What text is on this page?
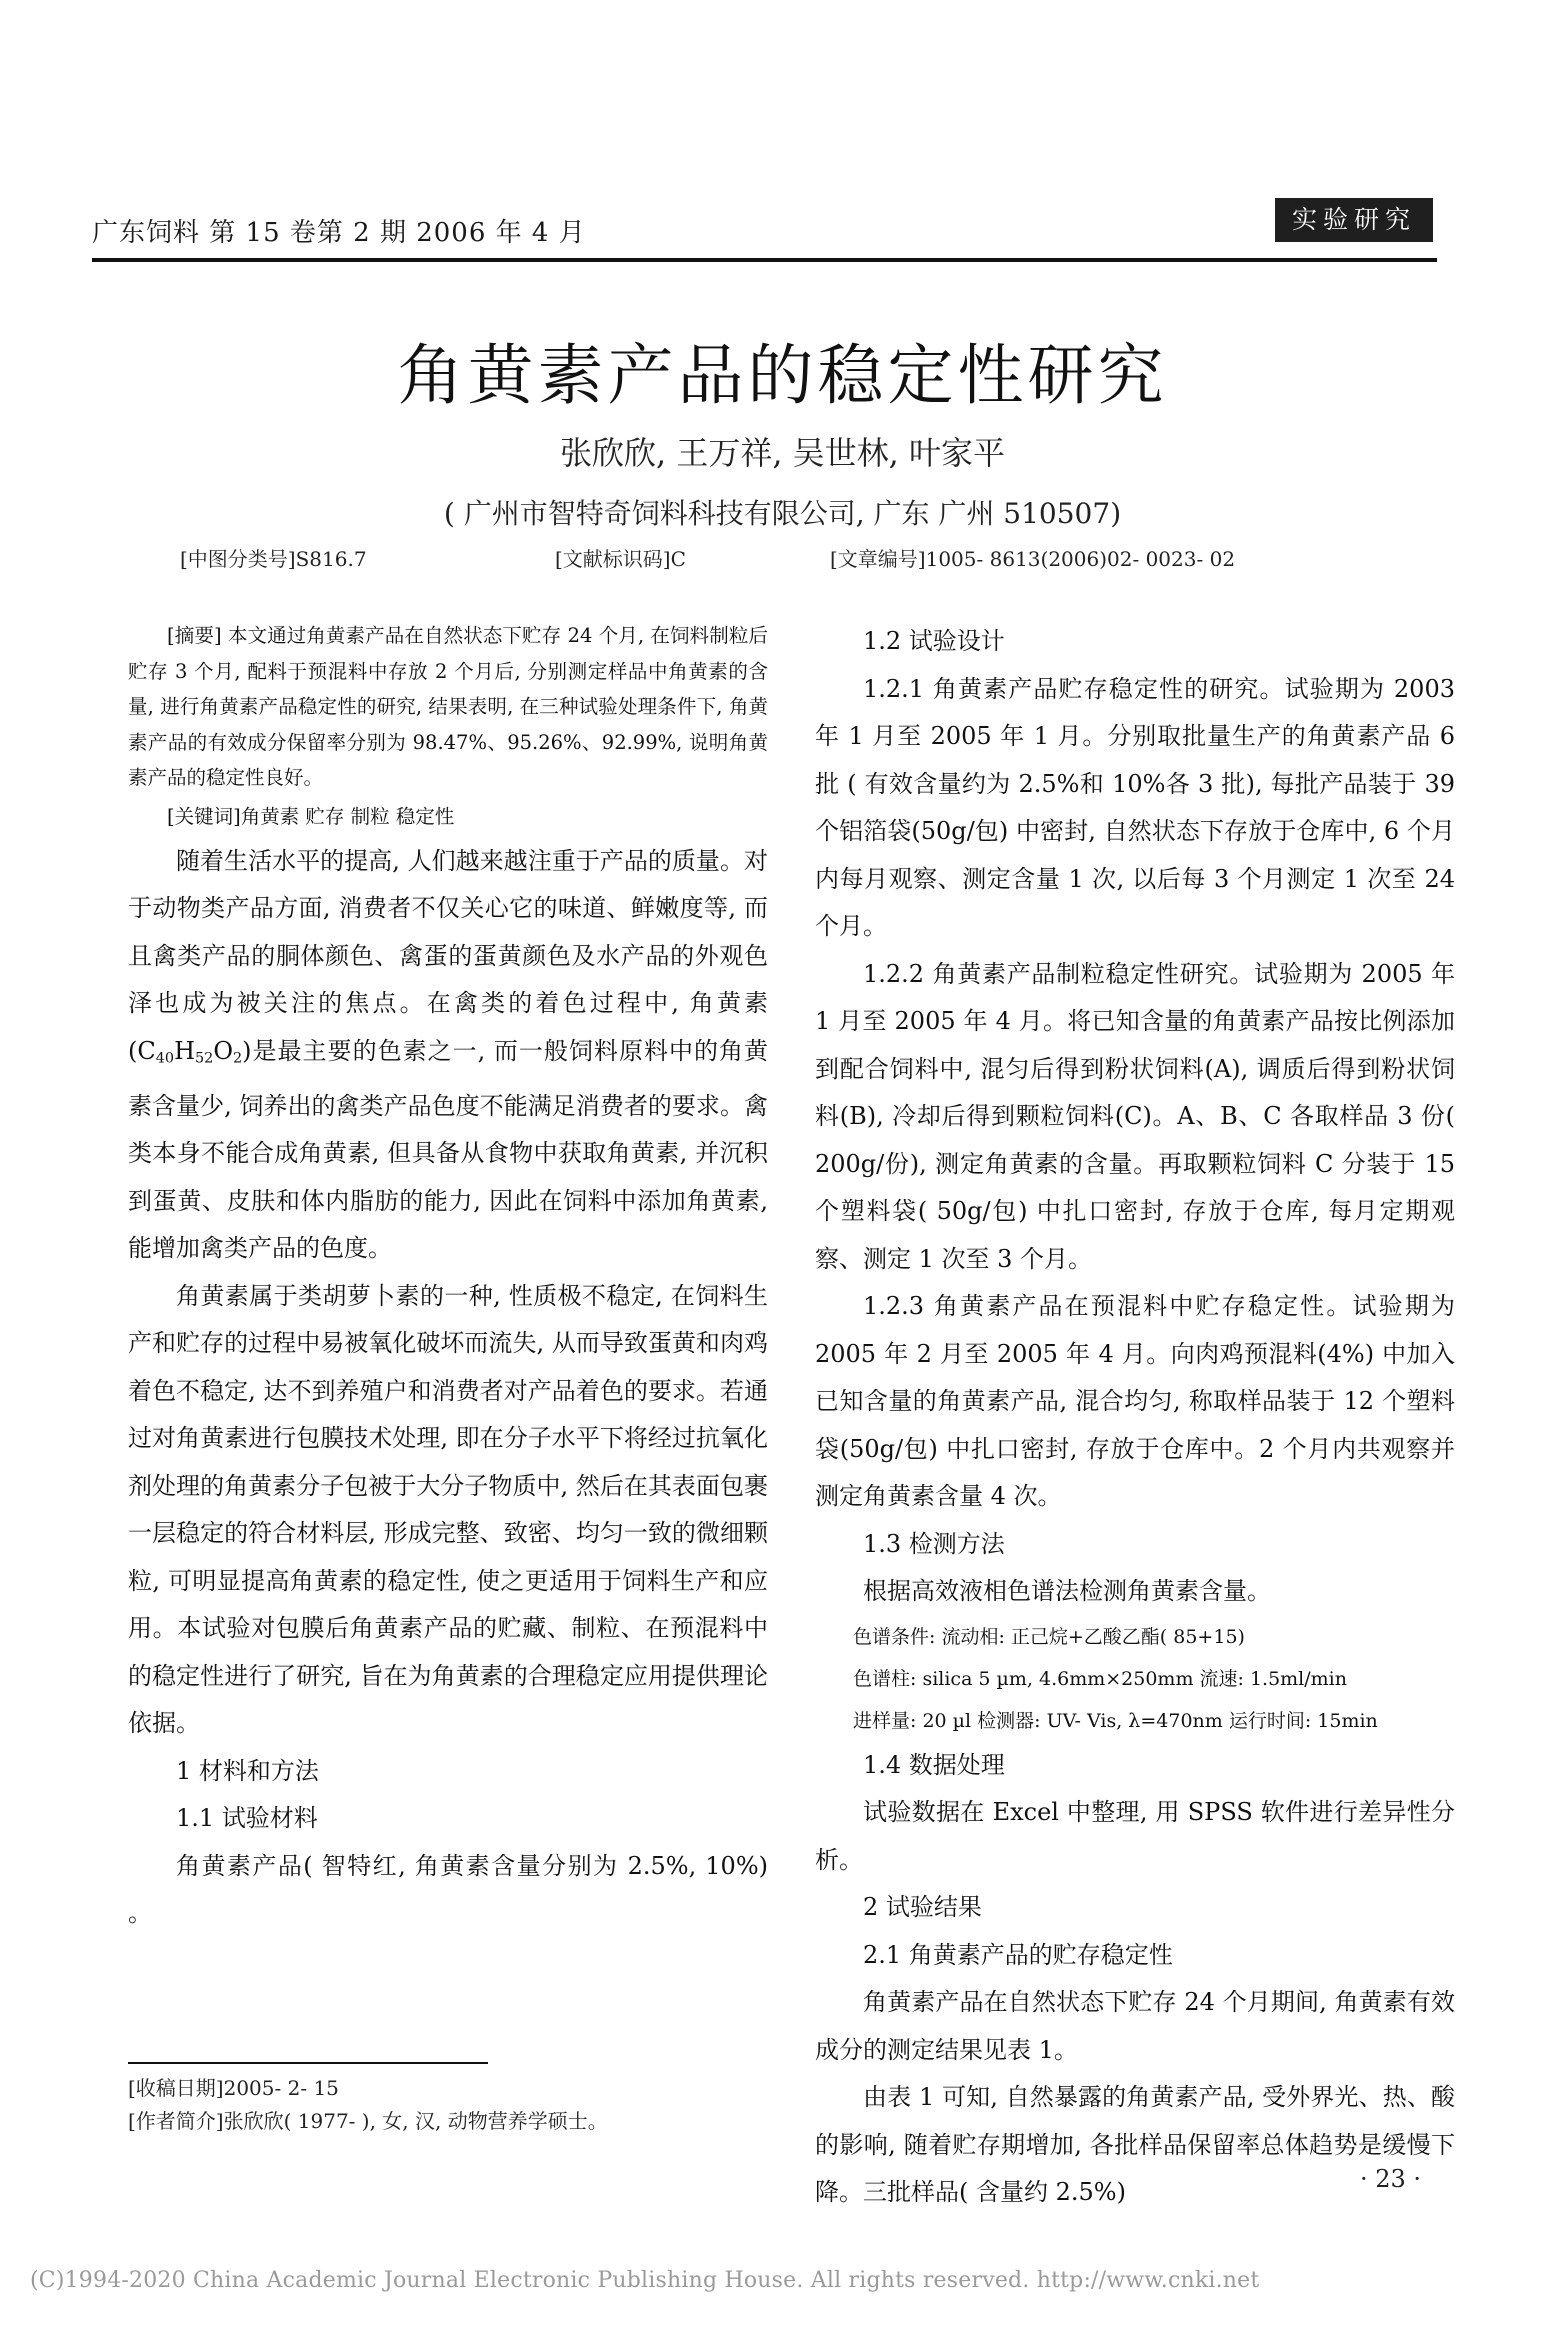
广东饲料 第 15 卷第 2 期 2006 年 4 月	实验研究
角黄素产品的稳定性研究
张欣欣, 王万祥, 吴世林, 叶家平
( 广州市智特奇饲料科技有限公司, 广东 广州 510507)
[中图分类号]S816.7	[文献标识码]C	[文章编号]1005- 8613(2006)02- 0023- 02

[摘要] 本文通过角黄素产品在自然状态下贮存 24 个月, 在饲料制粒后贮存 3 个月, 配料于预混料中存放 2 个月后, 分别测定样品中角黄素的含量, 进行角黄素产品稳定性的研究, 结果表明, 在三种试验处理条件下, 角黄素产品的有效成分保留率分别为 98.47%、95.26%、92.99%, 说明角黄素产品的稳定性良好。

[关键词]角黄素 贮存 制粒 稳定性

随着生活水平的提高, 人们越来越注重于产品的质量。对于动物类产品方面, 消费者不仅关心它的味道、鲜嫩度等, 而且禽类产品的胴体颜色、禽蛋的蛋黄颜色及水产品的外观色泽也成为被关注的焦点。在禽类的着色过程中, 角黄素$(C_{40}H_{52}O_2)$是最主要的色素之一, 而一般饲料原料中的角黄素含量少, 饲养出的禽类产品色度不能满足消费者的要求。禽类本身不能合成角黄素, 但具备从食物中获取角黄素, 并沉积到蛋黄、皮肤和体内脂肪的能力, 因此在饲料中添加角黄素, 能增加禽类产品的色度。

角黄素属于类胡萝卜素的一种, 性质极不稳定, 在饲料生产和贮存的过程中易被氧化破坏而流失, 从而导致蛋黄和肉鸡着色不稳定, 达不到养殖户和消费者对产品着色的要求。若通过对角黄素进行包膜技术处理, 即在分子水平下将经过抗氧化剂处理的角黄素分子包被于大分子物质中, 然后在其表面包裹一层稳定的符合材料层, 形成完整、致密、均匀一致的微细颗粒, 可明显提高角黄素的稳定性, 使之更适用于饲料生产和应用。本试验对包膜后角黄素产品的贮藏、制粒、在预混料中的稳定性进行了研究, 旨在为角黄素的合理稳定应用提供理论依据。

1 材料和方法

1.1 试验材料

角黄素产品( 智特红, 角黄素含量分别为 2.5%, 10%) 。

1.2 试验设计

1.2.1 角黄素产品贮存稳定性的研究。试验期为 2003 年 1 月至 2005 年 1 月。分别取批量生产的角黄素产品 6 批 ( 有效含量约为 2.5%和 10%各 3 批), 每批产品装于 39 个铝箔袋(50g/包) 中密封, 自然状态下存放于仓库中, 6 个月内每月观察、测定含量 1 次, 以后每 3 个月测定 1 次至 24 个月。

1.2.2 角黄素产品制粒稳定性研究。试验期为 2005 年 1 月至 2005 年 4 月。将已知含量的角黄素产品按比例添加到配合饲料中, 混匀后得到粉状饲料(A), 调质后得到粉状饲料(B), 冷却后得到颗粒饲料(C)。A、B、C 各取样品 3 份( 200g/份), 测定角黄素的含量。再取颗粒饲料 C 分装于 15 个塑料袋( 50g/包) 中扎口密封, 存放于仓库, 每月定期观察、测定 1 次至 3 个月。

1.2.3 角黄素产品在预混料中贮存稳定性。试验期为 2005 年 2 月至 2005 年 4 月。向肉鸡预混料(4%) 中加入已知含量的角黄素产品, 混合均匀, 称取样品装于 12 个塑料袋(50g/包) 中扎口密封, 存放于仓库中。2 个月内共观察并测定角黄素含量 4 次。

1.3 检测方法

根据高效液相色谱法检测角黄素含量。

色谱条件: 流动相: 正己烷+乙酸乙酯( 85+15)

色谱柱: silica 5 µm, 4.6mm×250mm 流速: 1.5ml/min

进样量: 20 µl 检测器: UV- Vis, λ=470nm 运行时间: 15min

1.4 数据处理

试验数据在 Excel 中整理, 用 SPSS 软件进行差异性分析。

2 试验结果

2.1 角黄素产品的贮存稳定性

角黄素产品在自然状态下贮存 24 个月期间, 角黄素有效成分的测定结果见表 1。

由表 1 可知, 自然暴露的角黄素产品, 受外界光、热、酸的影响, 随着贮存期增加, 各批样品保留率总体趋势是缓慢下降。三批样品( 含量约 2.5%)

[收稿日期]2005- 2- 15
[作者简介]张欣欣( 1977- ), 女, 汉, 动物营养学硕士。
· 23 ·
(C)1994-2020 China Academic Journal Electronic Publishing House. All rights reserved. http://www.cnki.net
